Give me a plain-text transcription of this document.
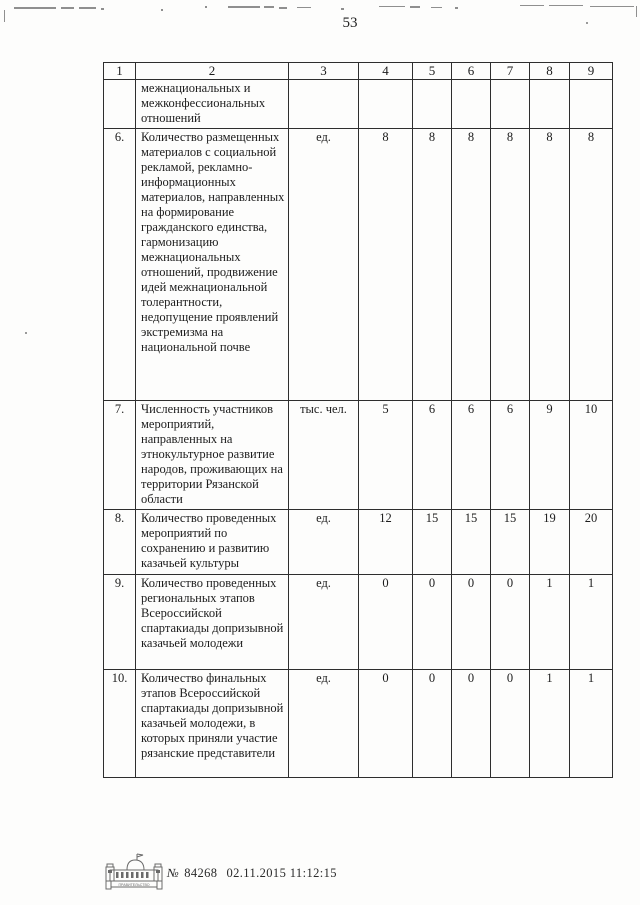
53
1	2	3	4	5	6	7	8	9
	межнациональных и межконфессиональных отношений							
6.	Количество размещенных материалов с социальной рекламой, рекламно-информационных материалов, направленных на формирование гражданского единства, гармонизацию межнациональных отношений, продвижение идей межнациональной толерантности, недопущение проявлений экстремизма на национальной почве	ед.	8	8	8	8	8	8
7.	Численность участников мероприятий, направленных на этнокультурное развитие народов, проживающих на территории Рязанской области	тыс. чел.	5	6	6	6	9	10
8.	Количество проведенных мероприятий по сохранению и развитию казачьей культуры	ед.	12	15	15	15	19	20
9.	Количество проведенных региональных этапов Всероссийской спартакиады допризывной казачьей молодежи	ед.	0	0	0	0	1	1
10.	Количество финальных этапов Всероссийской спартакиады допризывной казачьей молодежи, в которых приняли участие рязанские представители	ед.	0	0	0	0	1	1
ПРАВИТЕЛЬСТВО
№ 84268 02.11.2015 11:12:15
